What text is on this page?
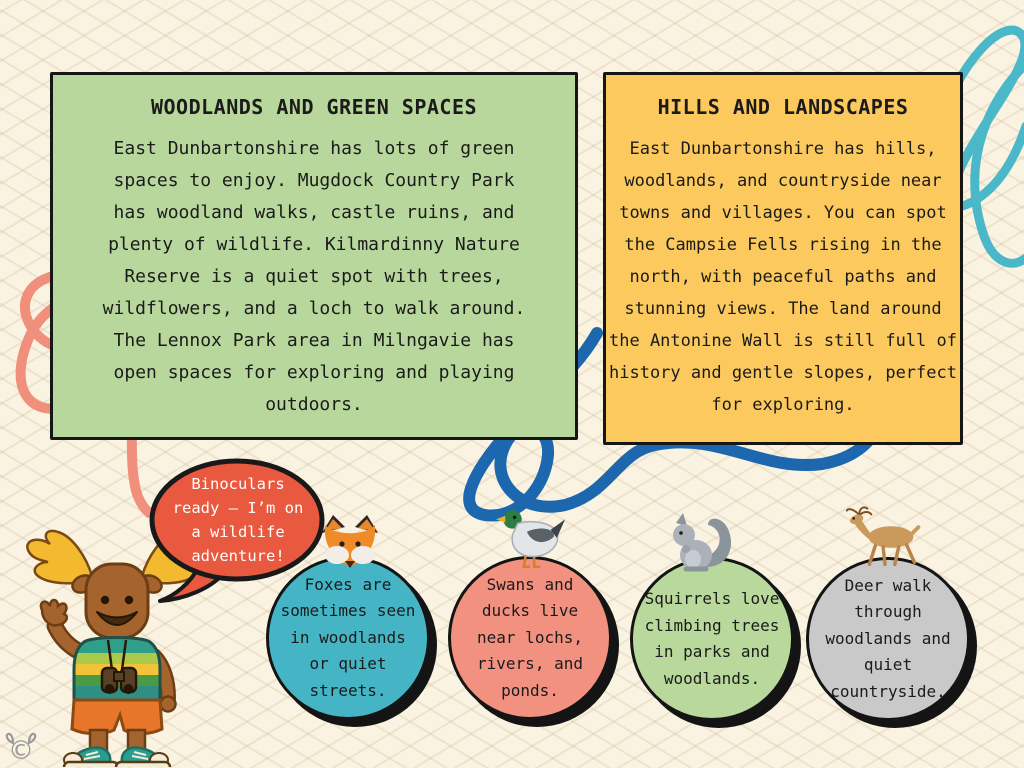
WOODLANDS AND GREEN SPACES
East Dunbartonshire has lots of green spaces to enjoy. Mugdock Country Park has woodland walks, castle ruins, and plenty of wildlife. Kilmardinny Nature Reserve is a quiet spot with trees, wildflowers, and a loch to walk around. The Lennox Park area in Milngavie has open spaces for exploring and playing outdoors.
HILLS AND LANDSCAPES
East Dunbartonshire has hills, woodlands, and countryside near towns and villages. You can spot the Campsie Fells rising in the north, with peaceful paths and stunning views. The land around the Antonine Wall is still full of history and gentle slopes, perfect for exploring.
Binoculars ready – I’m on a wildlife adventure!
Foxes are sometimes seen in woodlands or quiet streets.
Swans and ducks live near lochs, rivers, and ponds.
Squirrels love climbing trees in parks and woodlands.
Deer walk through woodlands and quiet countryside.
©
